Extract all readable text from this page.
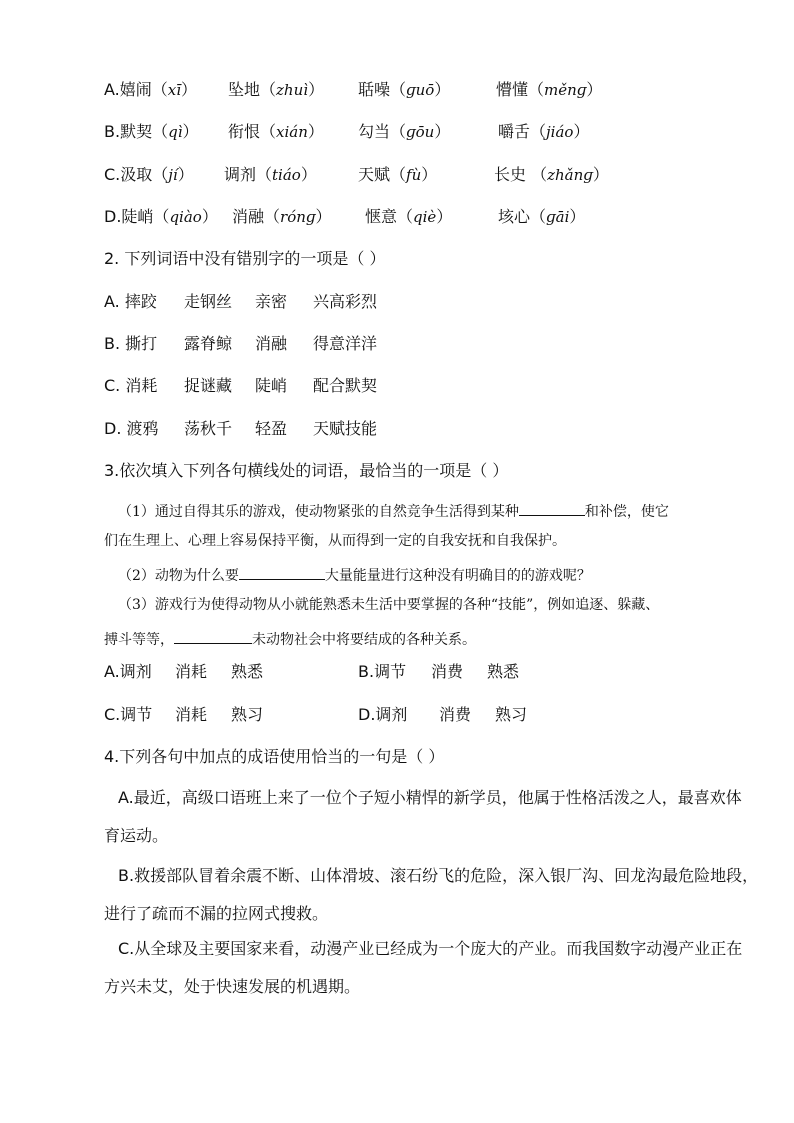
A.嬉闹（xī） 坠地（zhuì） 聒噪（ɡuō）	懵懂（měnɡ）
B.默契（qì） 衔恨（xián） 勾当（ɡōu）	嚼舌（jiáo）
C.汲取（jí） 调剂（tiáo）	天赋（fù）	长史 （zhǎnɡ）
D.陡峭（qiào） 消融（rónɡ） 惬意（qiè）	垓心（ɡāi）
2. 下列词语中没有错别字的一项是（ ）
A. 摔跤 走钢丝 亲密 兴高彩烈
B. 撕打 露脊鲸 消融 得意洋洋
C. 消耗 捉谜藏 陡峭 配合默契
D. 渡鸦 荡秋千 轻盈 天赋技能
3.依次填入下列各句横线处的词语，最恰当的一项是（ ）
（1）通过自得其乐的游戏，使动物紧张的自然竞争生活得到某种	和补偿，使它
们在生理上、心理上容易保持平衡，从而得到一定的自我安抚和自我保护。
（2）动物为什么要	大量能量进行这种没有明确目的的游戏呢？
（3）游戏行为使得动物从小就能熟悉未生活中要掌握的各种“技能”，例如追逐、躲藏、
搏斗等等，	未动物社会中将要结成的各种关系。
A.调剂 消耗 熟悉	B.调节 消费 熟悉
C.调节 消耗 熟习	D.调剂 消费 熟习
4.下列各句中加点的成语使用恰当的一句是（ ）
A.最近，高级口语班上来了一位个子短小精悍的新学员，他属于性格活泼之人，最喜欢体
育运动。
B.救援部队冒着余震不断、山体滑坡、滚石纷飞的危险，深入银厂沟、回龙沟最危险地段，
进行了疏而不漏的拉网式搜救。
C.从全球及主要国家来看，动漫产业已经成为一个庞大的产业。而我国数字动漫产业正在
方兴未艾，处于快速发展的机遇期。
